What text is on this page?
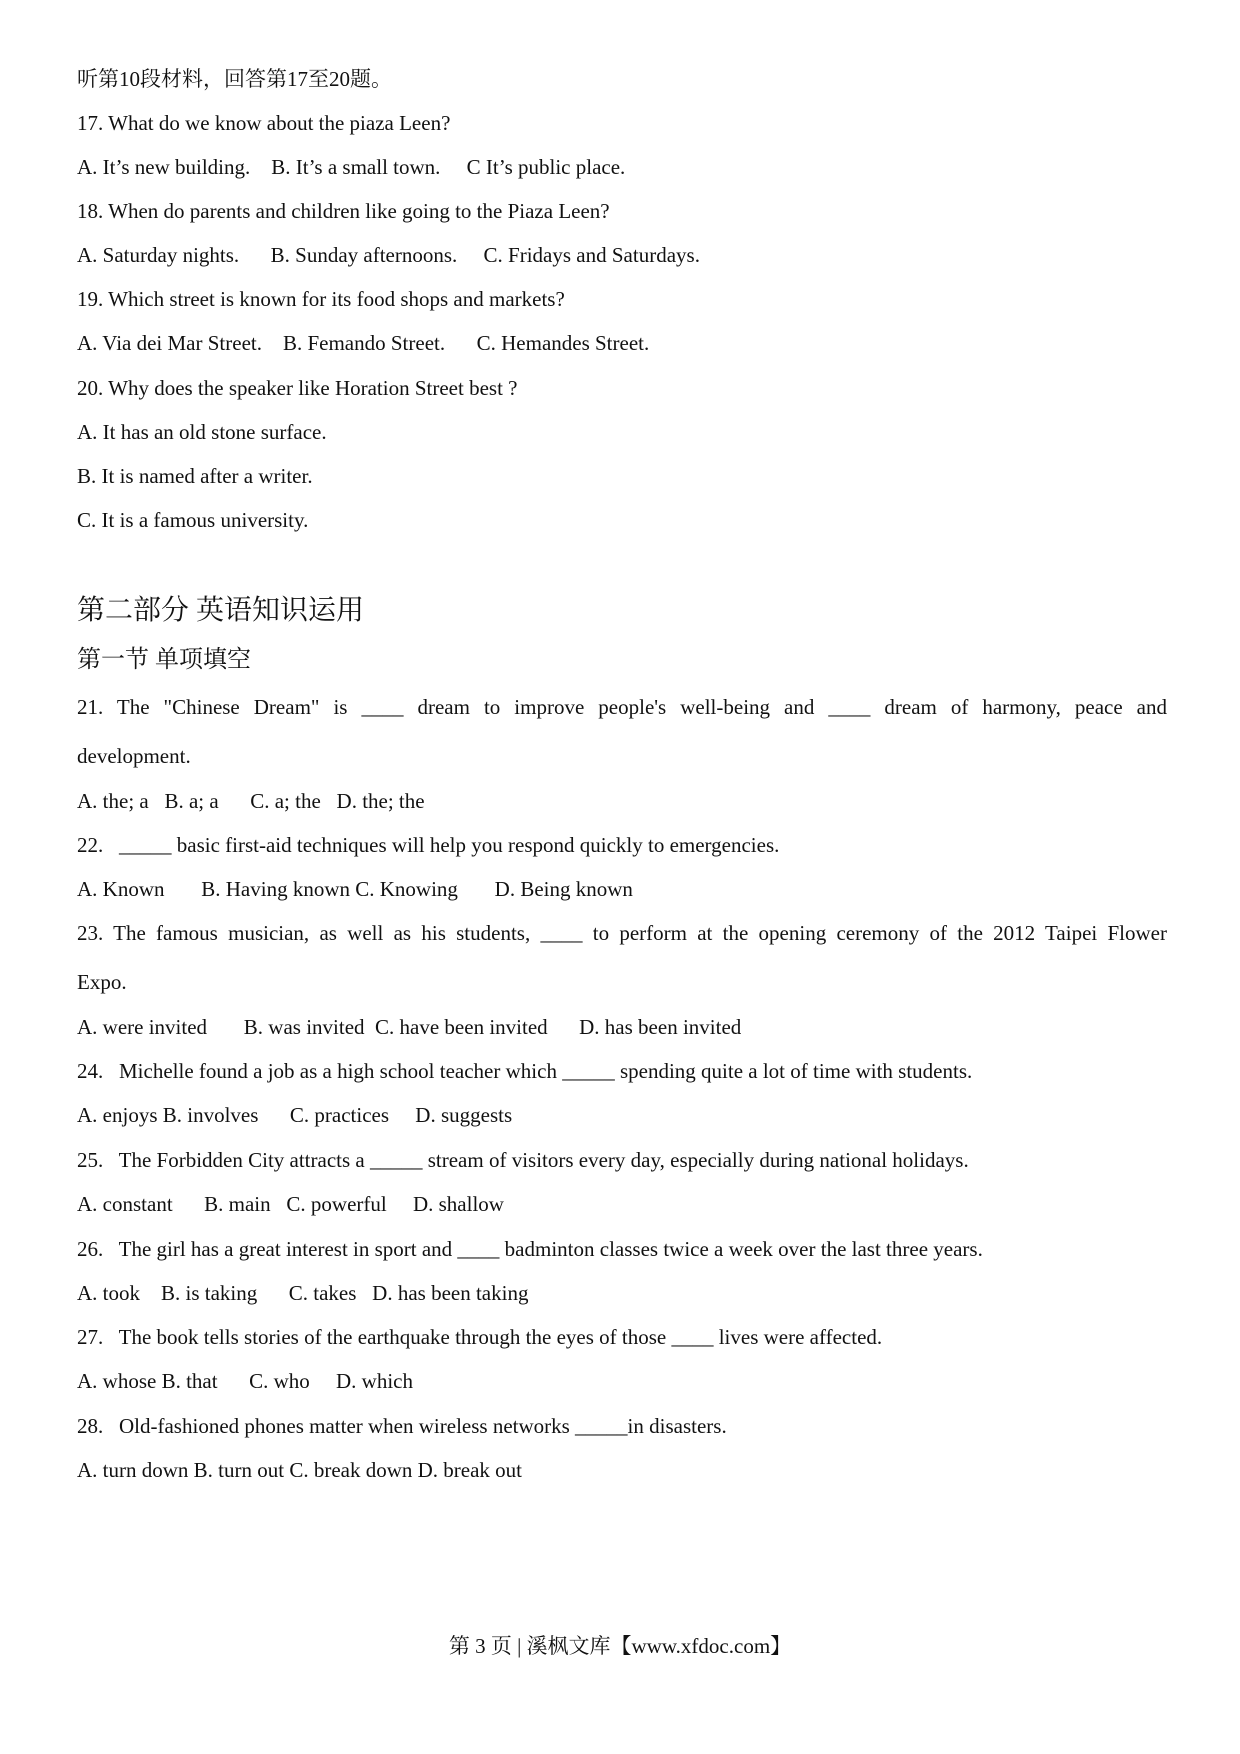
听第10段材料，回答第17至20题。
17. What do we know about the piaza Leen?
A. It’s new building.    B. It’s a small town.     C It’s public place.
18. When do parents and children like going to the Piaza Leen?
A. Saturday nights.      B. Sunday afternoons.     C. Fridays and Saturdays.
19. Which street is known for its food shops and markets?
A. Via dei Mar Street.    B. Femando Street.      C. Hemandes Street.
20. Why does the speaker like Horation Street best ?
A. It has an old stone surface.
B. It is named after a writer.
C. It is a famous university.
第二部分 英语知识运用
第一节 单项填空
21. The "Chinese Dream" is ____ dream to improve people's well-being and ____ dream of harmony, peace and
development.
A. the; a   B. a; a      C. a; the   D. the; the
22.   _____ basic first-aid techniques will help you respond quickly to emergencies.
A. Known       B. Having known C. Knowing       D. Being known
23. The famous musician, as well as his students, ____ to perform at the opening ceremony of the 2012 Taipei Flower
Expo.
A. were invited       B. was invited  C. have been invited      D. has been invited
24.   Michelle found a job as a high school teacher which _____ spending quite a lot of time with students.
A. enjoys B. involves      C. practices     D. suggests
25.   The Forbidden City attracts a _____ stream of visitors every day, especially during national holidays.
A. constant      B. main   C. powerful     D. shallow
26.   The girl has a great interest in sport and ____ badminton classes twice a week over the last three years.
A. took    B. is taking      C. takes   D. has been taking
27.   The book tells stories of the earthquake through the eyes of those ____ lives were affected.
A. whose B. that      C. who     D. which
28.   Old-fashioned phones matter when wireless networks _____in disasters.
A. turn down B. turn out C. break down D. break out
第 3 页 | 溪枫文库【www.xfdoc.com】
